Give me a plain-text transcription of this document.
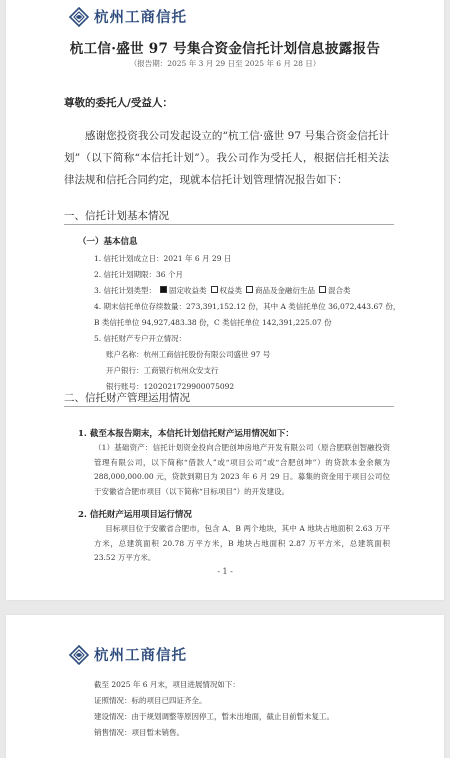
杭州工商信托
杭工信·盛世 97 号集合资金信托计划信息披露报告
（报告期：2025 年 3 月 29 日至 2025 年 6 月 28 日）
尊敬的委托人/受益人：
感谢您投资我公司发起设立的“杭工信·盛世 97 号集合资金信托计划”（以下简称“本信托计划”）。我公司作为受托人，根据信托相关法律法规和信托合同约定，现就本信托计划管理情况报告如下：
一、信托计划基本情况
（一）基本信息
1. 信托计划成立日：2021 年 6 月 29 日
2. 信托计划期限：36 个月
3. 信托计划类型： 固定收益类 权益类 商品及金融衍生品 混合类
4. 期末信托单位存续数量：273,391,152.12 份，其中 A 类信托单位 36,072,443.67 份，
B 类信托单位 94,927,483.38 份，C 类信托单位 142,391,225.07 份
5. 信托财产专户开立情况：
账户名称：杭州工商信托股份有限公司盛世 97 号
开户银行：工商银行杭州众安支行
银行账号：1202021729900075092
二、信托财产管理运用情况
1. 截至本报告期末，本信托计划信托财产运用情况如下：
（1）基础资产：信托计划资金投向合肥创坤房地产开发有限公司（原合肥联创智融投资管理有限公司，以下简称“借款人”或“项目公司”或“合肥创坤”）的贷款本金余额为 288,000,000.00 元，贷款到期日为 2023 年 6 月 29 日。募集的资金用于项目公司位于安徽省合肥市项目（以下简称“目标项目”）的开发建设。
2. 信托财产运用项目运行情况
目标项目位于安徽省合肥市，包含 A、B 两个地块，其中 A 地块占地面积 2.63 万平方米，总建筑面积 20.78 万平方米，B 地块占地面积 2.87 万平方米，总建筑面积 23.52 万平方米。
- 1 -
杭州工商信托
截至 2025 年 6 月末，项目进展情况如下：
证照情况：标的项目已四证齐全。
建设情况：由于规划调整等原因停工，暂未出地面，截止目前暂未复工。
销售情况：项目暂未销售。
